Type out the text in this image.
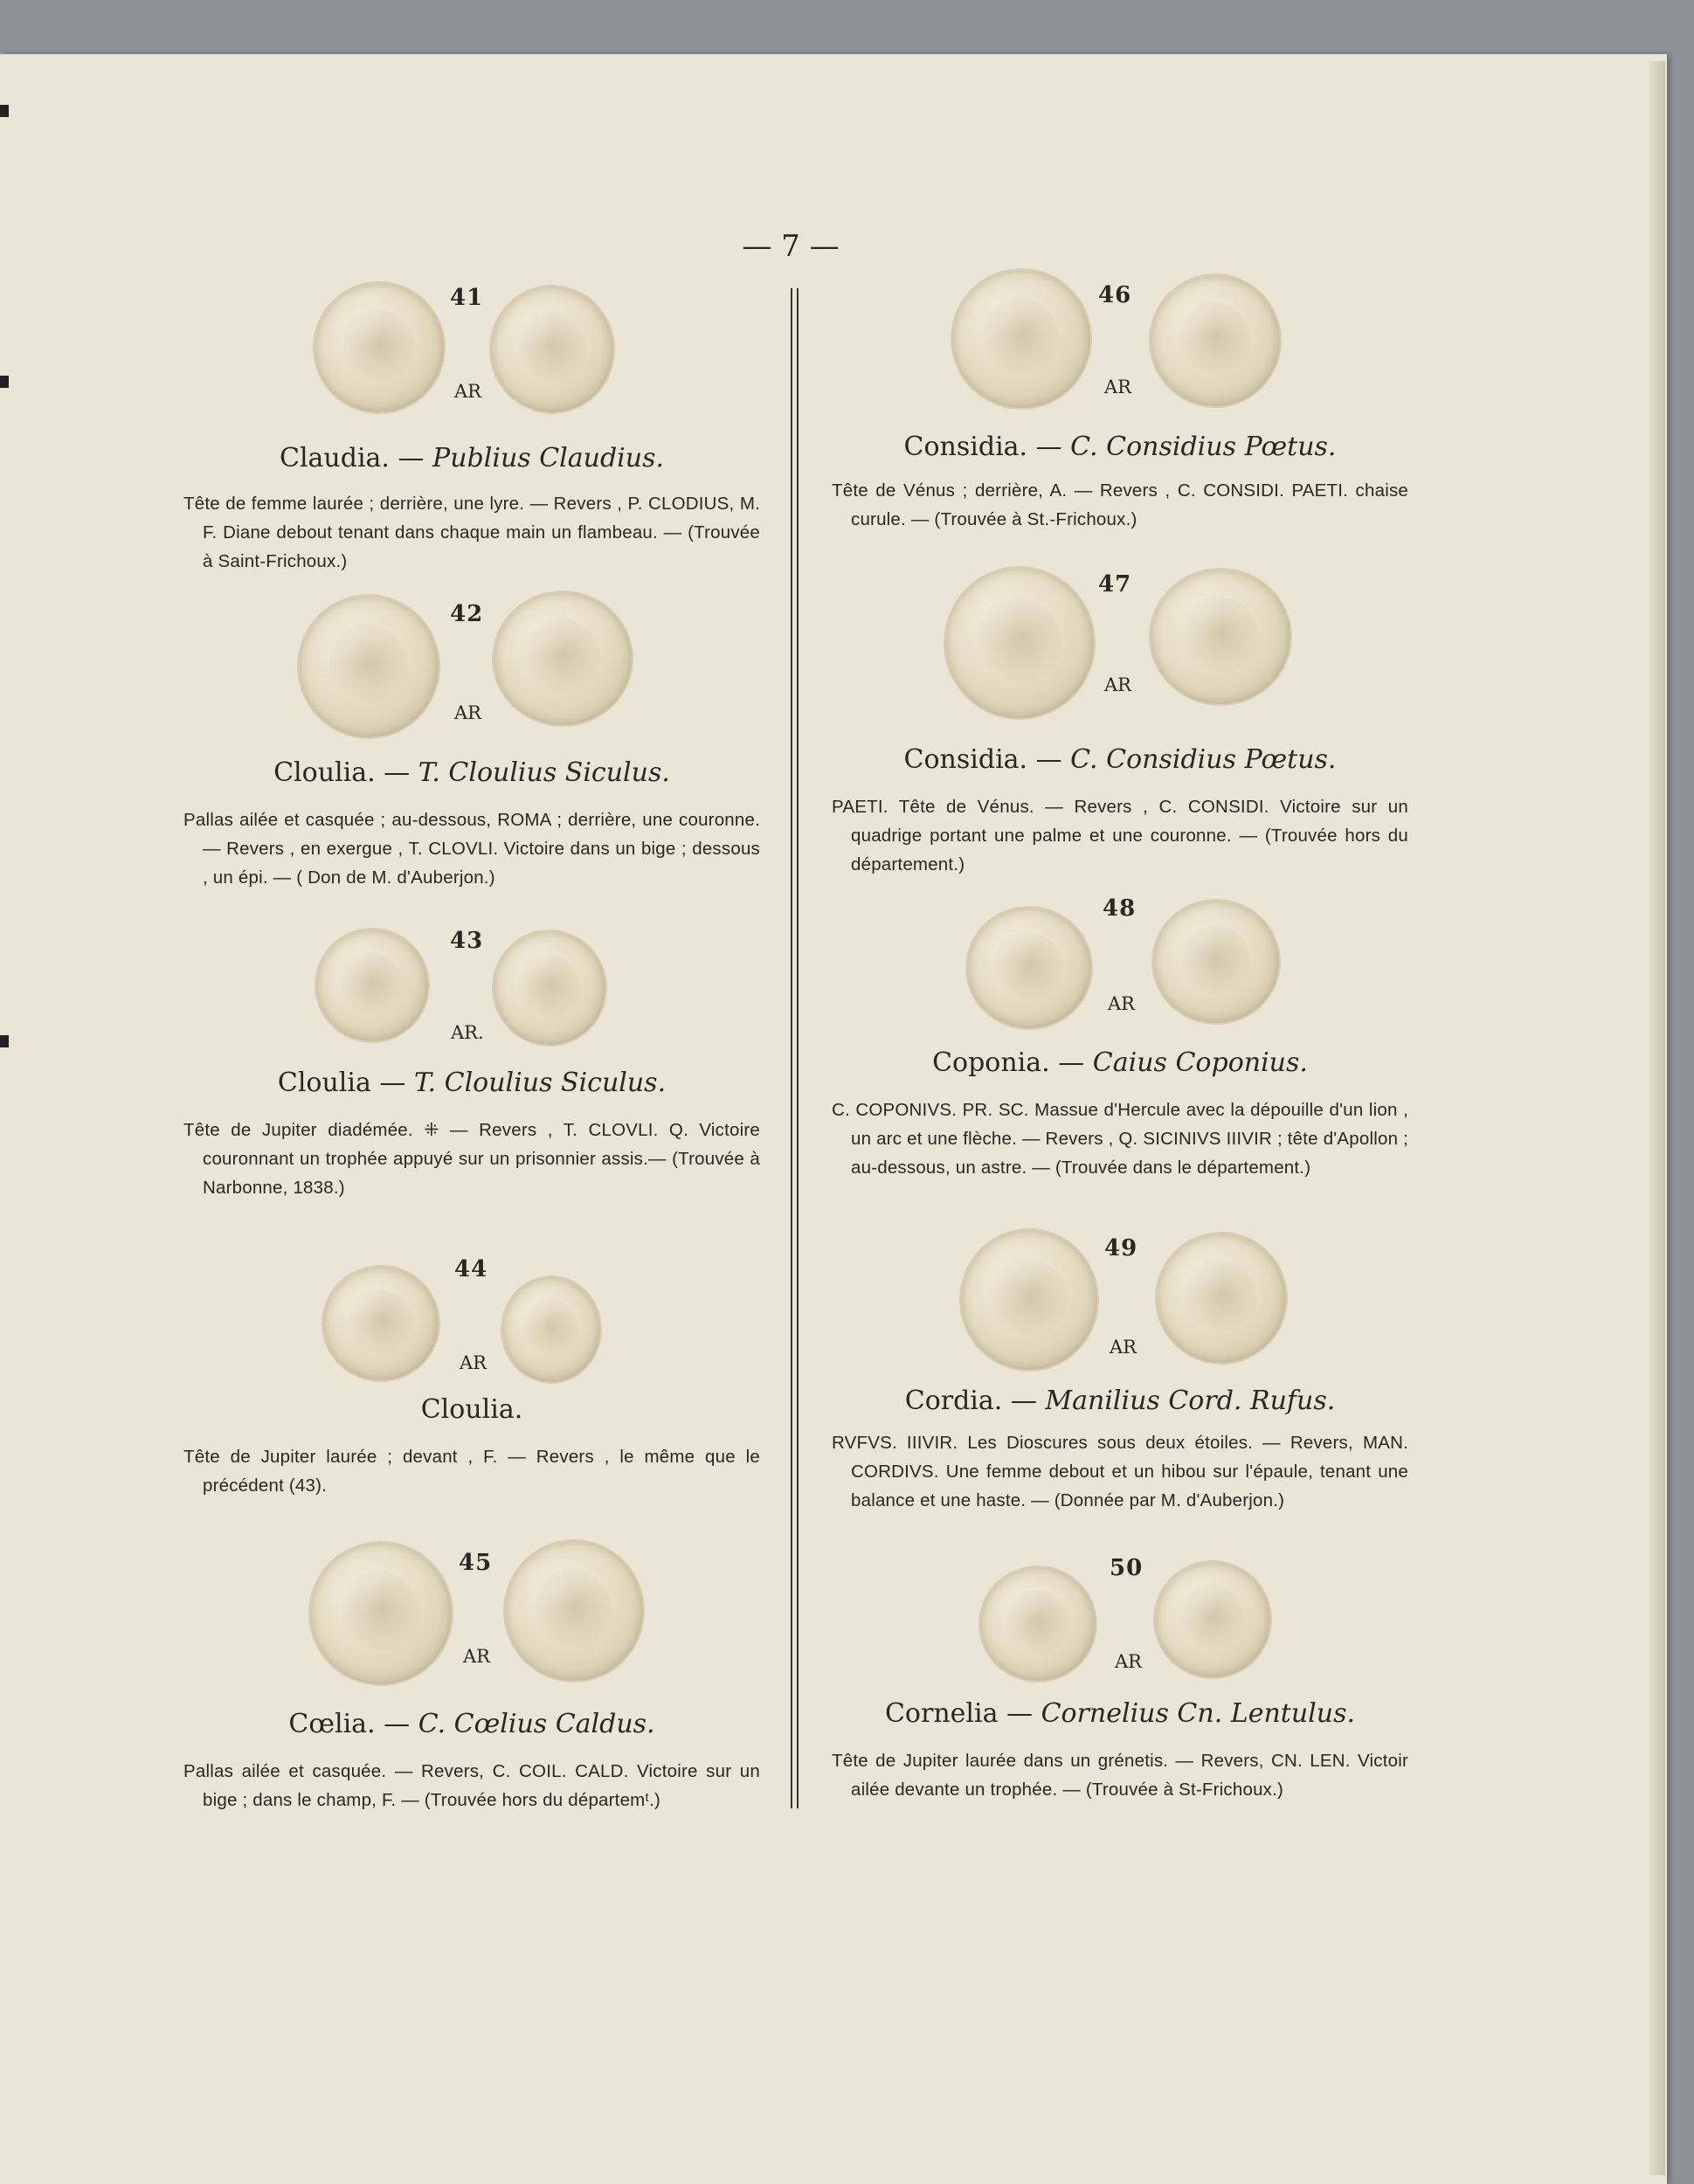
— 7 —
41
AR
Claudia. — Publius Claudius.
Tête de femme laurée ; derrière, une lyre. — Revers , P. CLODIUS, M. F. Diane debout tenant dans chaque main un flambeau. — (Trouvée à Saint-Frichoux.)
42
AR
Cloulia. — T. Cloulius Siculus.
Pallas ailée et casquée ; au-dessous, ROMA ; derrière, une couronne. — Revers , en exergue , T. CLOVLI. Victoire dans un bige ; dessous , un épi. — ( Don de M. d'Auberjon.)
43
AR.
Cloulia — T. Cloulius Siculus.
Tête de Jupiter diadémée. ⁜ — Revers , T. CLOVLI. Q. Victoire couronnant un trophée appuyé sur un prisonnier assis.— (Trouvée à Narbonne, 1838.)
44
AR
Cloulia.
Tête de Jupiter laurée ; devant , F. — Revers , le même que le précédent (43).
45
AR
Cœlia. — C. Cœlius Caldus.
Pallas ailée et casquée. — Revers, C. COIL. CALD. Victoire sur un bige ; dans le champ, F. — (Trouvée hors du départemᵗ.)
46
AR
Considia. — C. Considius Pœtus.
Tête de Vénus ; derrière, A. — Revers , C. CONSIDI. PAETI. chaise curule. — (Trouvée à St.-Frichoux.)
47
AR
Considia. — C. Considius Pœtus.
PAETI. Tête de Vénus. — Revers , C. CONSIDI. Victoire sur un quadrige portant une palme et une couronne. — (Trouvée hors du département.)
48
AR
Coponia. — Caius Coponius.
C. COPONIVS. PR. SC. Massue d'Hercule avec la dépouille d'un lion , un arc et une flèche. — Revers , Q. SICINIVS IIIVIR ; tête d'Apollon ; au-dessous, un astre. — (Trouvée dans le département.)
49
AR
Cordia. — Manilius Cord. Rufus.
RVFVS. IIIVIR. Les Dioscures sous deux étoiles. — Revers, MAN. CORDIVS. Une femme debout et un hibou sur l'épaule, tenant une balance et une haste. — (Donnée par M. d'Auberjon.)
50
AR
Cornelia — Cornelius Cn. Lentulus.
Tête de Jupiter laurée dans un grénetis. — Revers, CN. LEN. Victoir ailée devante un trophée. — (Trouvée à St-Frichoux.)
